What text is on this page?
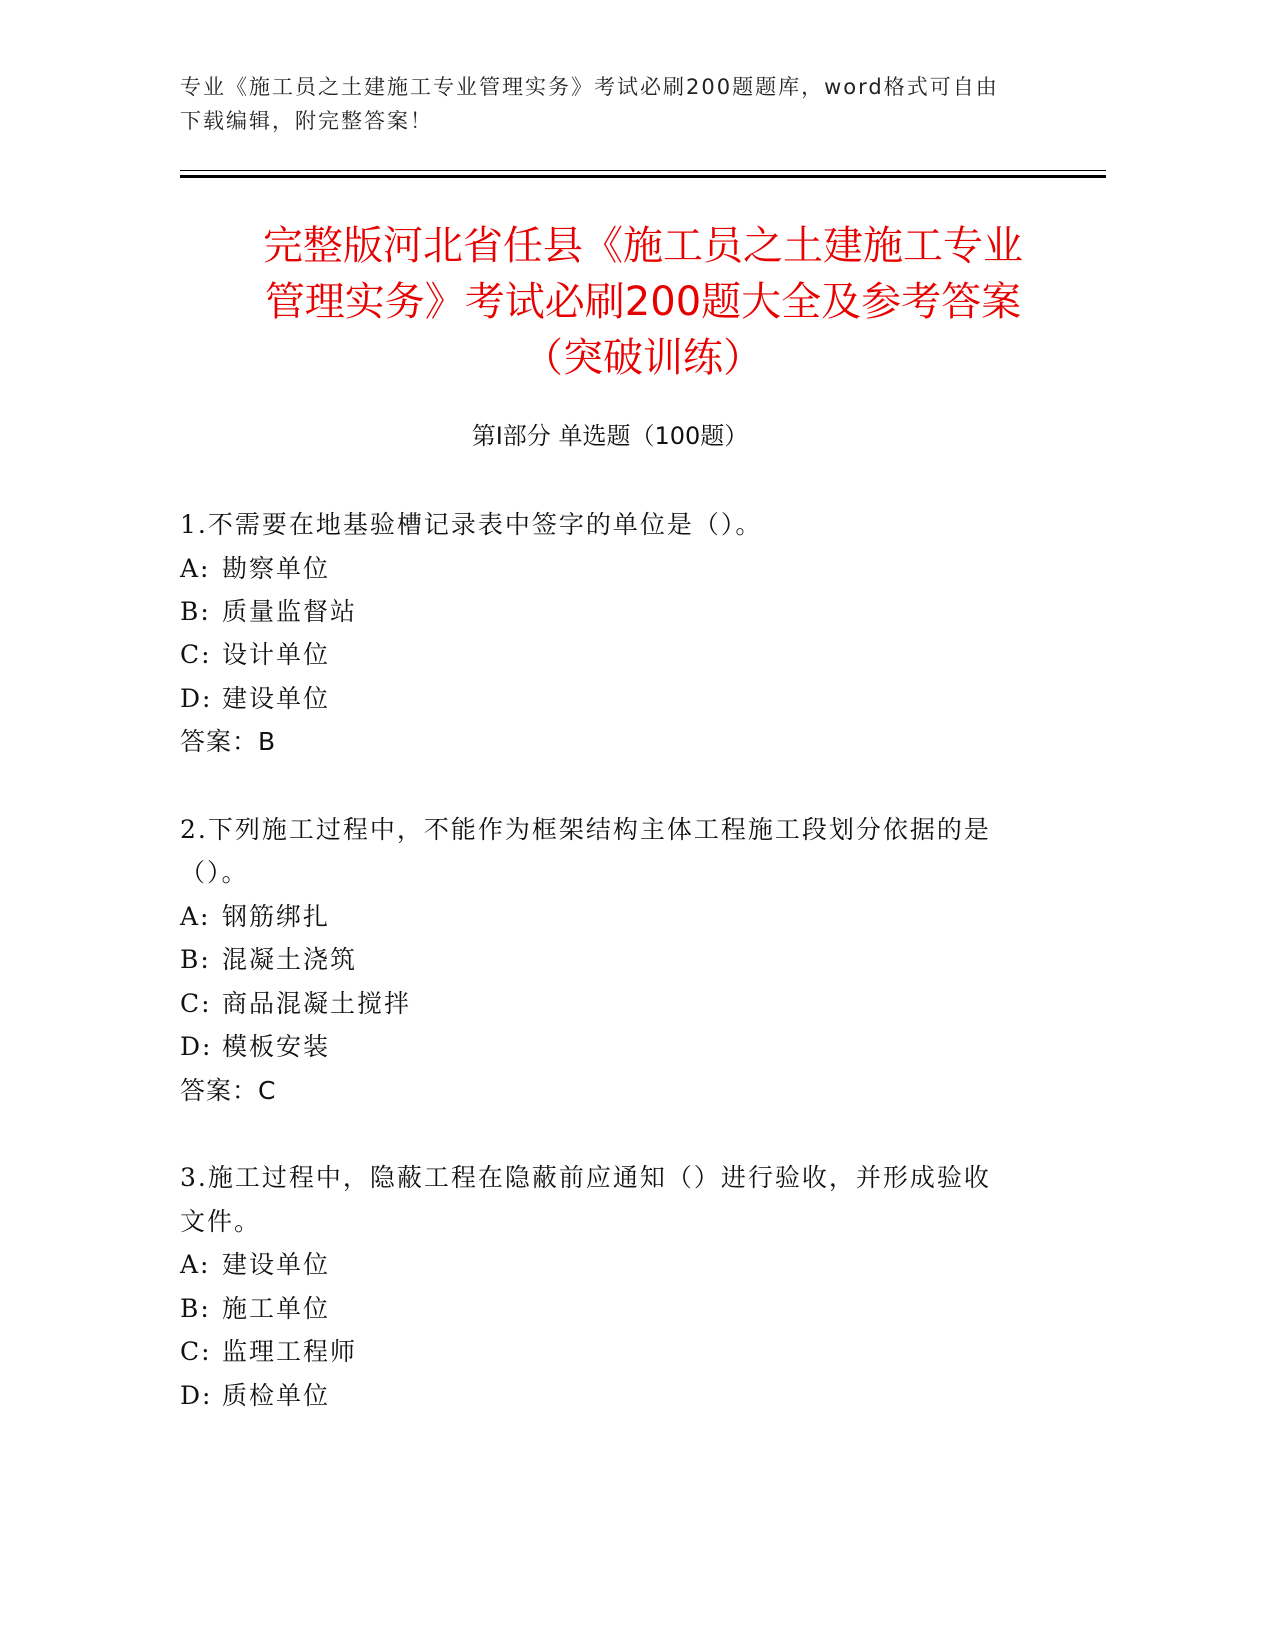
专业《施工员之土建施工专业管理实务》考试必刷200题题库，word格式可自由
下载编辑，附完整答案！
完整版河北省任县《施工员之土建施工专业
管理实务》考试必刷200题大全及参考答案
（突破训练）
第Ⅰ部分 单选题（100题）
1.不需要在地基验槽记录表中签字的单位是（）。
A: 勘察单位
B: 质量监督站
C: 设计单位
D: 建设单位
答案：B
2.下列施工过程中，不能作为框架结构主体工程施工段划分依据的是
（）。
A: 钢筋绑扎
B: 混凝土浇筑
C: 商品混凝土搅拌
D: 模板安装
答案：C
3.施工过程中，隐蔽工程在隐蔽前应通知（）进行验收，并形成验收
文件。
A: 建设单位
B: 施工单位
C: 监理工程师
D: 质检单位
